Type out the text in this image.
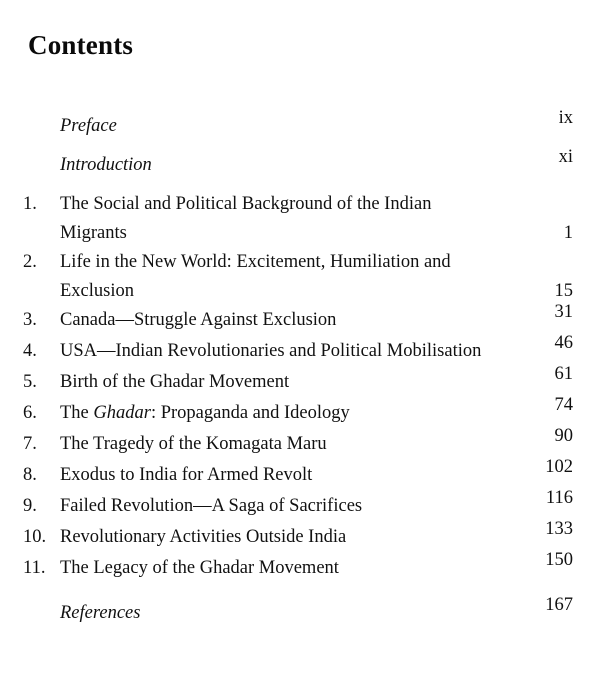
Contents
Preface	ix
Introduction	xi
1.	The Social and Political Background of the Indian
Migrants	1
2.	Life in the New World: Excitement, Humiliation and
Exclusion	15
3.	Canada—Struggle Against Exclusion	31
4.	USA—Indian Revolutionaries and Political Mobilisation	46
5.	Birth of the Ghadar Movement	61
6.	The Ghadar: Propaganda and Ideology	74
7.	The Tragedy of the Komagata Maru	90
8.	Exodus to India for Armed Revolt	102
9.	Failed Revolution—A Saga of Sacrifices	116
10. Revolutionary Activities Outside India	133
11. The Legacy of the Ghadar Movement	150
References	167
